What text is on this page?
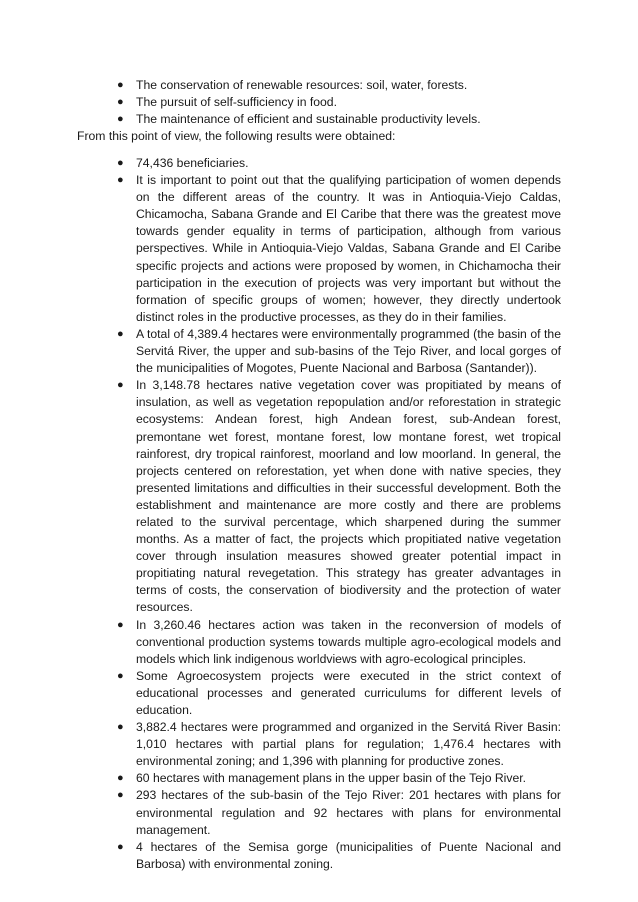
● The conservation of renewable resources: soil, water, forests.
● The pursuit of self-sufficiency in food.
● The maintenance of efficient and sustainable productivity levels.
From this point of view, the following results were obtained:
● 74,436 beneficiaries.
● It is important to point out that the qualifying participation of women depends on the different areas of the country. It was in Antioquia-Viejo Caldas, Chicamocha, Sabana Grande and El Caribe that there was the greatest move towards gender equality in terms of participation, although from various perspectives. While in Antioquia-Viejo Valdas, Sabana Grande and El Caribe specific projects and actions were proposed by women, in Chichamocha their participation in the execution of projects was very important but without the formation of specific groups of women; however, they directly undertook distinct roles in the productive processes, as they do in their families.
● A total of 4,389.4 hectares were environmentally programmed (the basin of the Servitá River, the upper and sub-basins of the Tejo River, and local gorges of the municipalities of Mogotes, Puente Nacional and Barbosa (Santander)).
● In 3,148.78 hectares native vegetation cover was propitiated by means of insulation, as well as vegetation repopulation and/or reforestation in strategic ecosystems: Andean forest, high Andean forest, sub-Andean forest, premontane wet forest, montane forest, low montane forest, wet tropical rainforest, dry tropical rainforest, moorland and low moorland. In general, the projects centered on reforestation, yet when done with native species, they presented limitations and difficulties in their successful development. Both the establishment and maintenance are more costly and there are problems related to the survival percentage, which sharpened during the summer months. As a matter of fact, the projects which propitiated native vegetation cover through insulation measures showed greater potential impact in propitiating natural revegetation. This strategy has greater advantages in terms of costs, the conservation of biodiversity and the protection of water resources.
● In 3,260.46 hectares action was taken in the reconversion of models of conventional production systems towards multiple agro-ecological models and models which link indigenous worldviews with agro-ecological principles.
● Some Agroecosystem projects were executed in the strict context of educational processes and generated curriculums for different levels of education.
● 3,882.4 hectares were programmed and organized in the Servitá River Basin: 1,010 hectares with partial plans for regulation; 1,476.4 hectares with environmental zoning; and 1,396 with planning for productive zones.
● 60 hectares with management plans in the upper basin of the Tejo River.
● 293 hectares of the sub-basin of the Tejo River: 201 hectares with plans for environmental regulation and 92 hectares with plans for environmental management.
● 4 hectares of the Semisa gorge (municipalities of Puente Nacional and Barbosa) with environmental zoning.
